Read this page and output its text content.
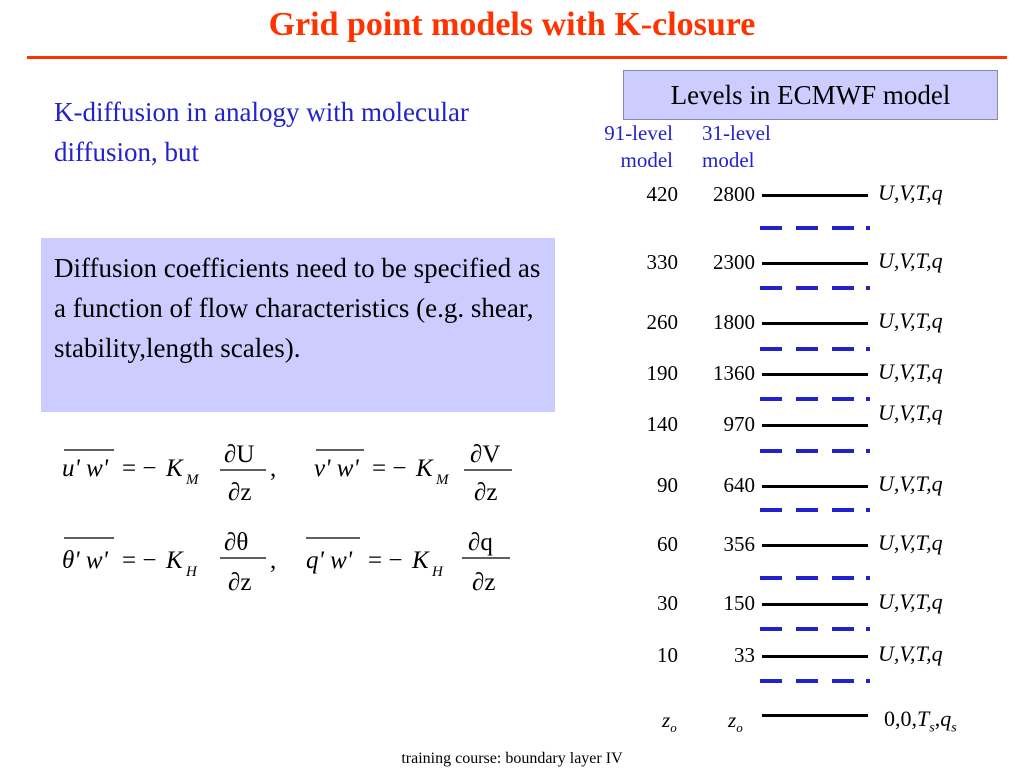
Grid point models with K-closure
K-diffusion in analogy with molecular diffusion, but
Diffusion coefficients need to be specified as a function of flow characteristics (e.g. shear, stability,length scales).
u' w' = − K M
∂U
∂z
, v' w' = − K M
∂V
∂z
θ' w' = − K H
∂θ
∂z
, q' w' = − K H
∂q
∂z
Levels in ECMWF model
91-level
model
31-level
model
420	2800	U,V,T,q
330	2300	U,V,T,q
260	1800	U,V,T,q
190	1360	U,V,T,q
140	970	U,V,T,q
90	640	U,V,T,q
60	356	U,V,T,q
30	150	U,V,T,q
10	33	U,V,T,q
$z_o$ $z_o$	$0,0,T_s,q_s$
training course: boundary layer IV
